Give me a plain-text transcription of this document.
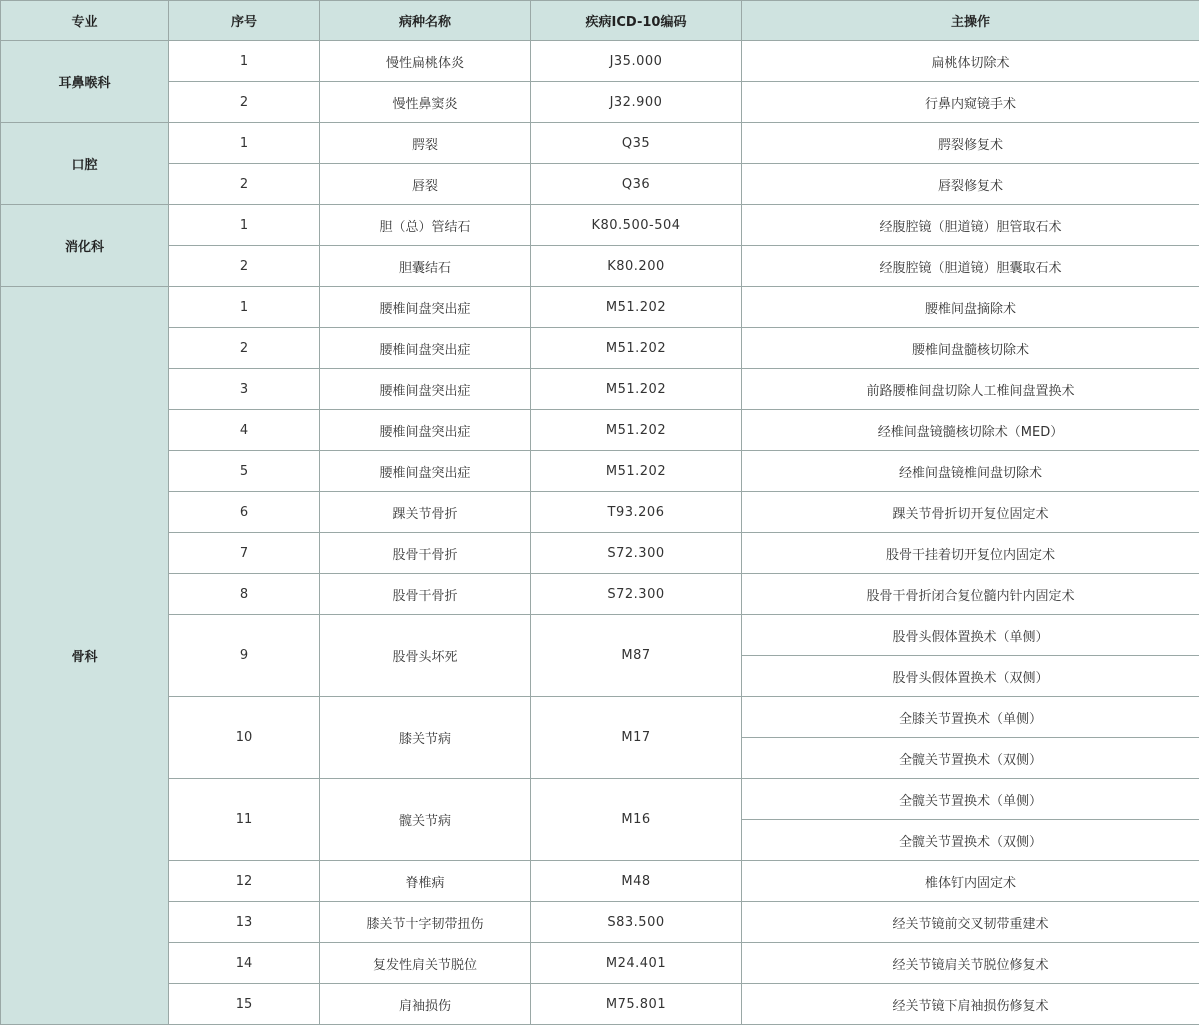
专业	序号	病种名称	疾病ICD-10编码	主操作
耳鼻喉科	1	慢性扁桃体炎	J35.000	扁桃体切除术
	2	慢性鼻窦炎	J32.900	行鼻内窥镜手术
口腔	1	腭裂	Q35	腭裂修复术
	2	唇裂	Q36	唇裂修复术
消化科	1	胆（总）管结石	K80.500-504	经腹腔镜（胆道镜）胆管取石术
	2	胆囊结石	K80.200	经腹腔镜（胆道镜）胆囊取石术
骨科	1	腰椎间盘突出症	M51.202	腰椎间盘摘除术
	2	腰椎间盘突出症	M51.202	腰椎间盘髓核切除术
	3	腰椎间盘突出症	M51.202	前路腰椎间盘切除人工椎间盘置换术
	4	腰椎间盘突出症	M51.202	经椎间盘镜髓核切除术（MED）
	5	腰椎间盘突出症	M51.202	经椎间盘镜椎间盘切除术
	6	踝关节骨折	T93.206	踝关节骨折切开复位固定术
	7	股骨干骨折	S72.300	股骨干挂着切开复位内固定术
	8	股骨干骨折	S72.300	股骨干骨折闭合复位髓内针内固定术
	9	股骨头坏死	M87	股骨头假体置换术（单侧）
				股骨头假体置换术（双侧）
	10	膝关节病	M17	全膝关节置换术（单侧）
				全髋关节置换术（双侧）
	11	髋关节病	M16	全髋关节置换术（单侧）
				全髋关节置换术（双侧）
	12	脊椎病	M48	椎体钉内固定术
	13	膝关节十字韧带扭伤	S83.500	经关节镜前交叉韧带重建术
	14	复发性肩关节脱位	M24.401	经关节镜肩关节脱位修复术
	15	肩袖损伤	M75.801	经关节镜下肩袖损伤修复术
